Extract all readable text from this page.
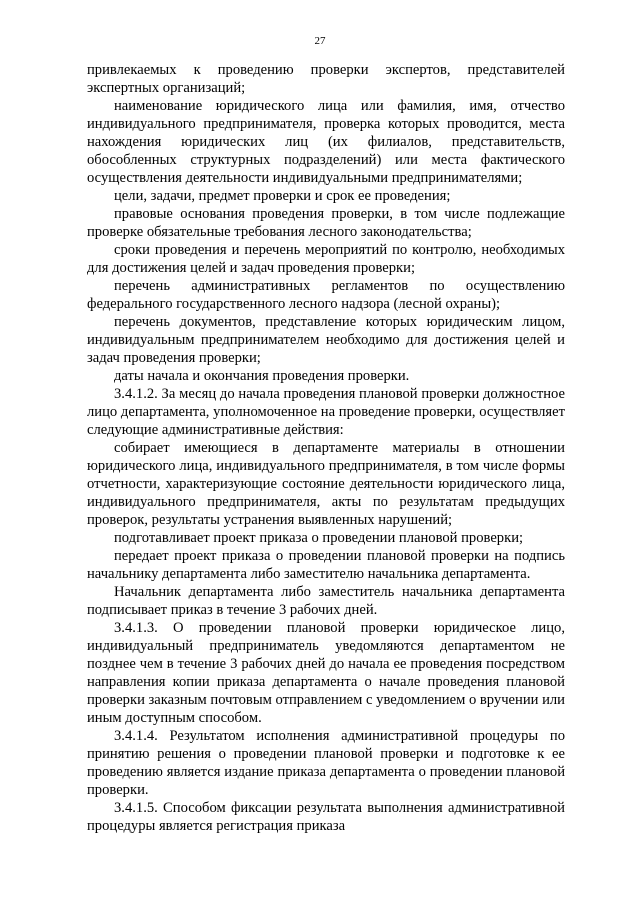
27

привлекаемых к проведению проверки экспертов, представителей экспертных организаций;

наименование юридического лица или фамилия, имя, отчество индивидуального предпринимателя, проверка которых проводится, места нахождения юридических лиц (их филиалов, представительств, обособленных структурных подразделений) или места фактического осуществления деятельности индивидуальными предпринимателями;

цели, задачи, предмет проверки и срок ее проведения;

правовые основания проведения проверки, в том числе подлежащие проверке обязательные требования лесного законодательства;

сроки проведения и перечень мероприятий по контролю, необходимых для достижения целей и задач проведения проверки;

перечень административных регламентов по осуществлению федерального государственного лесного надзора (лесной охраны);

перечень документов, представление которых юридическим лицом, индивидуальным предпринимателем необходимо для достижения целей и задач проведения проверки;

даты начала и окончания проведения проверки.

3.4.1.2. За месяц до начала проведения плановой проверки должностное лицо департамента, уполномоченное на проведение проверки, осуществляет следующие административные действия:

собирает имеющиеся в департаменте материалы в отношении юридического лица, индивидуального предпринимателя, в том числе формы отчетности, характеризующие состояние деятельности юридического лица, индивидуального предпринимателя, акты по результатам предыдущих проверок, результаты устранения выявленных нарушений;

подготавливает проект приказа о проведении плановой проверки;

передает проект приказа о проведении плановой проверки на подпись начальнику департамента либо заместителю начальника департамента.

Начальник департамента либо заместитель начальника департамента подписывает приказ в течение 3 рабочих дней.

3.4.1.3. О проведении плановой проверки юридическое лицо, индивидуальный предприниматель уведомляются департаментом не позднее чем в течение 3 рабочих дней до начала ее проведения посредством направления копии приказа департамента о начале проведения плановой проверки заказным почтовым отправлением с уведомлением о вручении или иным доступным способом.

3.4.1.4. Результатом исполнения административной процедуры по принятию решения о проведении плановой проверки и подготовке к ее проведению является издание приказа департамента о проведении плановой проверки.

3.4.1.5. Способом фиксации результата выполнения административной процедуры является регистрация приказа
